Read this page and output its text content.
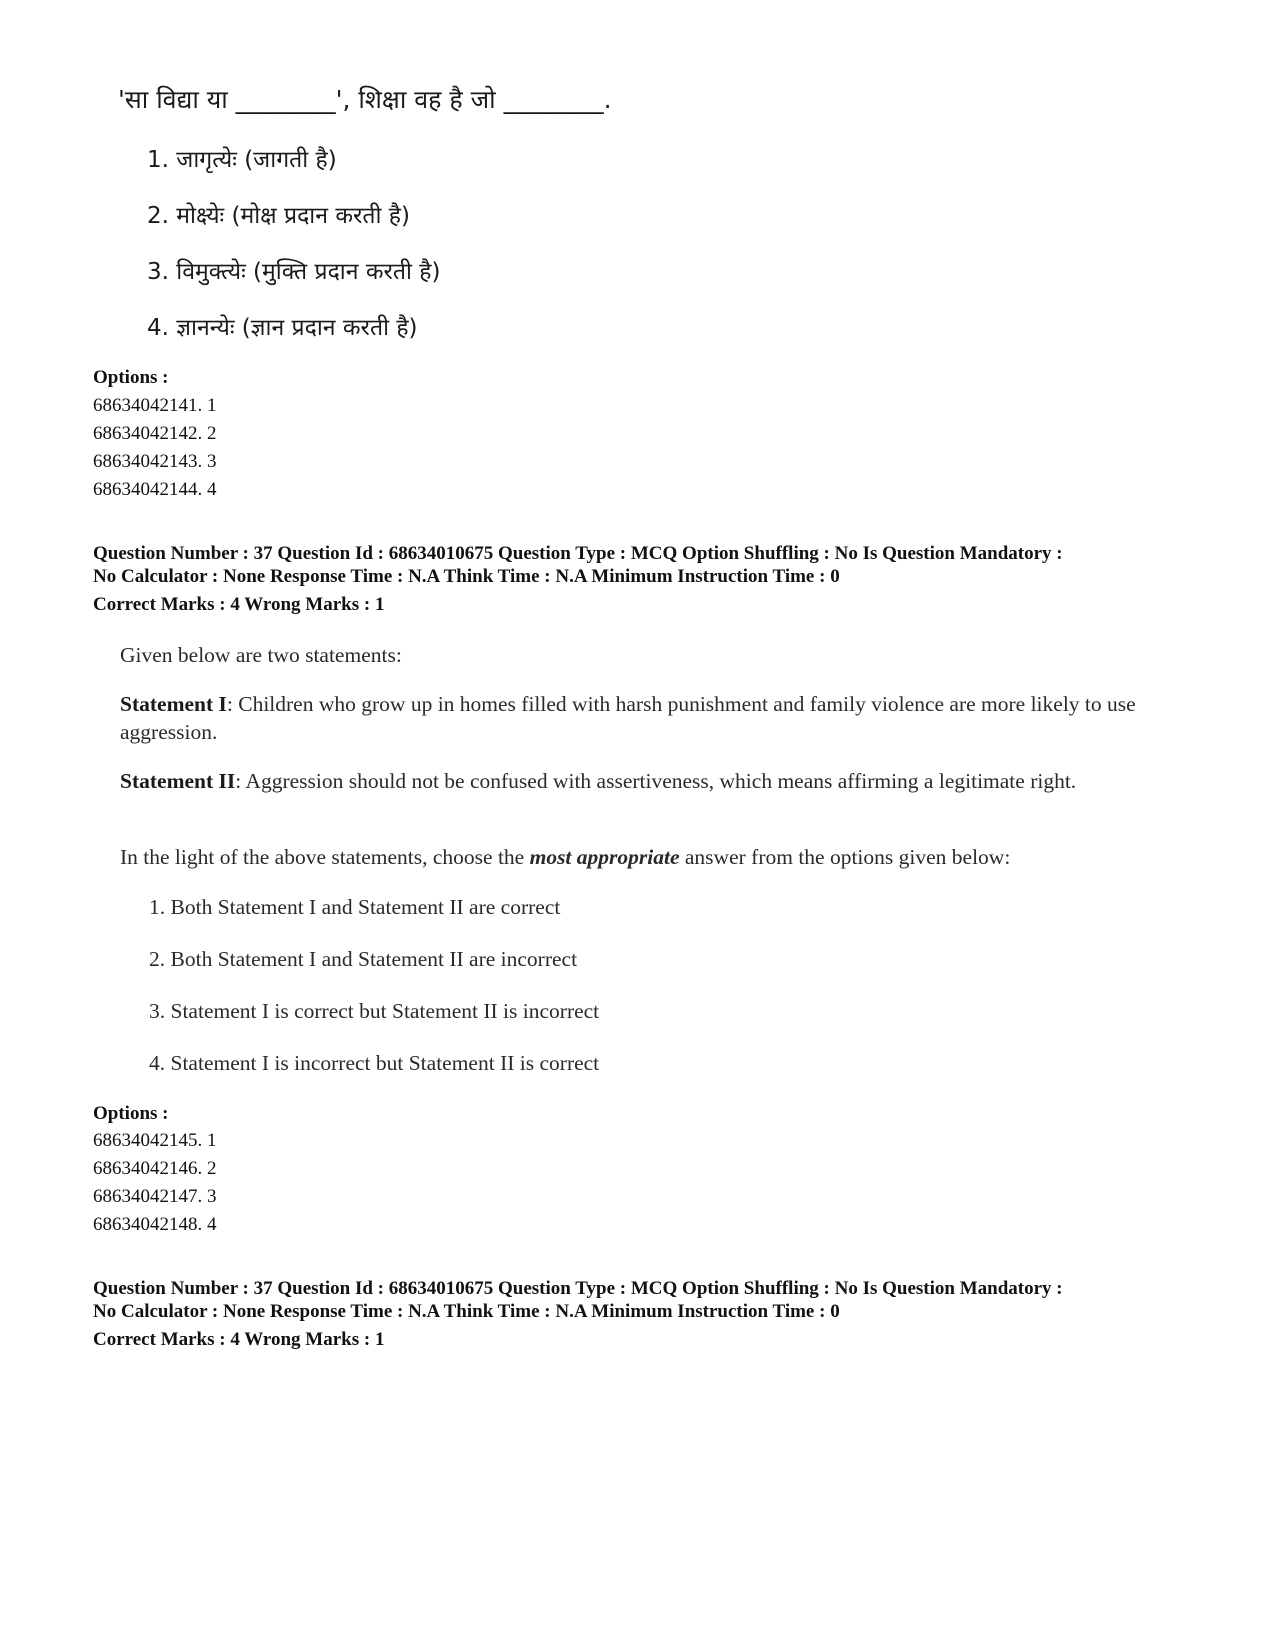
'सा विद्या या ________', शिक्षा वह है जो ________.
1. जागृत्येः (जागती है)
2. मोक्ष्येः (मोक्ष प्रदान करती है)
3. विमुक्त्येः (मुक्ति प्रदान करती है)
4. ज्ञानन्येः (ज्ञान प्रदान करती है)
Options :
68634042141. 1
68634042142. 2
68634042143. 3
68634042144. 4
Question Number : 37 Question Id : 68634010675 Question Type : MCQ Option Shuffling : No Is Question Mandatory :
No Calculator : None Response Time : N.A Think Time : N.A Minimum Instruction Time : 0
Correct Marks : 4 Wrong Marks : 1
Given below are two statements:
Statement I: Children who grow up in homes filled with harsh punishment and family violence are more likely to use aggression.
Statement II: Aggression should not be confused with assertiveness, which means affirming a legitimate right.
In the light of the above statements, choose the most appropriate answer from the options given below:
1. Both Statement I and Statement II are correct
2. Both Statement I and Statement II are incorrect
3. Statement I is correct but Statement II is incorrect
4. Statement I is incorrect but Statement II is correct
Options :
68634042145. 1
68634042146. 2
68634042147. 3
68634042148. 4
Question Number : 37 Question Id : 68634010675 Question Type : MCQ Option Shuffling : No Is Question Mandatory :
No Calculator : None Response Time : N.A Think Time : N.A Minimum Instruction Time : 0
Correct Marks : 4 Wrong Marks : 1
